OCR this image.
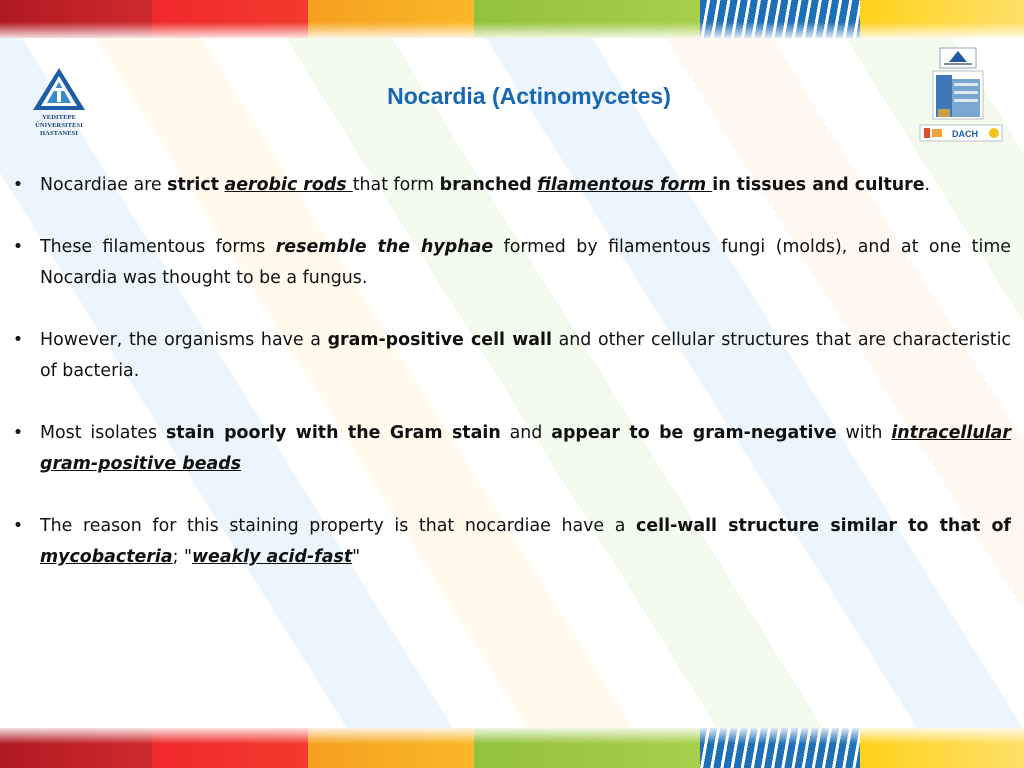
YEDITEPE ÜNIVERSITESI
HASTANESI	DACH
Nocardia (Actinomycetes)
• Nocardiae are strict aerobic rods that form branched filamentous form in tissues and culture.
• These filamentous forms resemble the hyphae formed by filamentous fungi (molds), and at one time Nocardia was thought to be a fungus.
• However, the organisms have a gram-positive cell wall and other cellular structures that are characteristic of bacteria.
• Most isolates stain poorly with the Gram stain and appear to be gram-negative with intracellular gram-positive beads
• The reason for this staining property is that nocardiae have a cell-wall structure similar to that of mycobacteria; "weakly acid-fast"
